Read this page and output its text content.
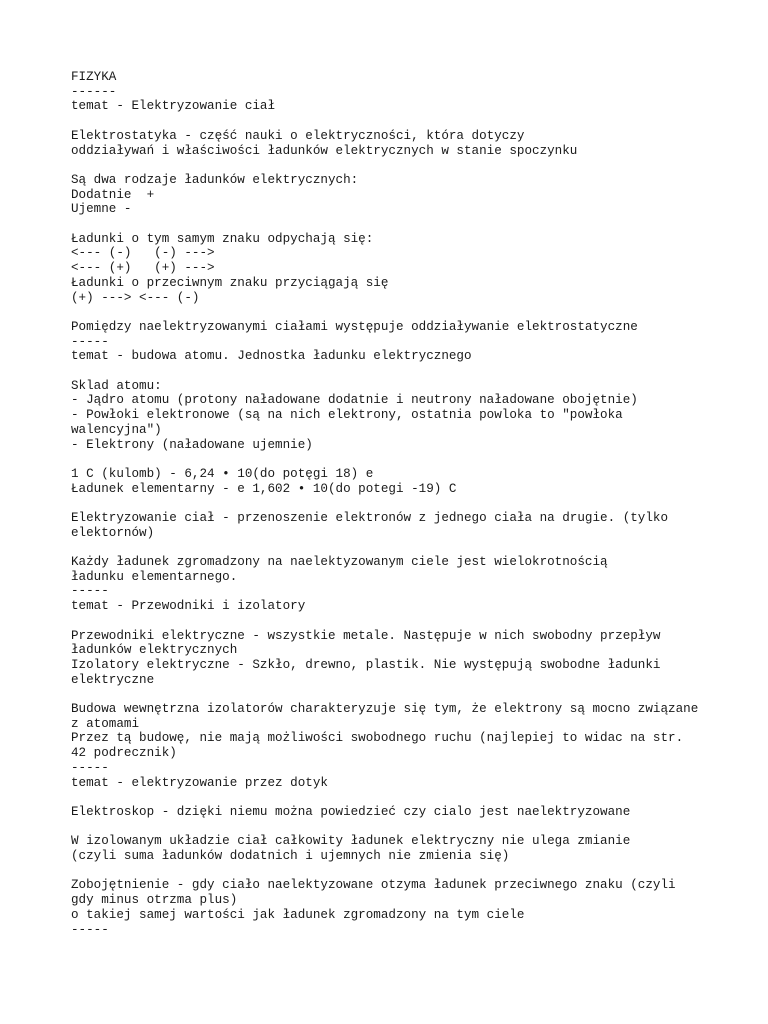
FIZYKA
------
temat - Elektryzowanie ciał
Elektrostatyka - część nauki o elektryczności, która dotyczy
oddziaływań i właściwości ładunków elektrycznych w stanie spoczynku
Są dwa rodzaje ładunków elektrycznych:
Dodatnie  +
Ujemne -
Ładunki o tym samym znaku odpychają się:
<--- (-)   (-) --->
<--- (+)   (+) --->
Ładunki o przeciwnym znaku przyciągają się
(+) ---> <--- (-)
Pomiędzy naelektryzowanymi ciałami występuje oddziaływanie elektrostatyczne
-----
temat - budowa atomu. Jednostka ładunku elektrycznego
Sklad atomu:
- Jądro atomu (protony naładowane dodatnie i neutrony naładowane obojętnie)
- Powłoki elektronowe (są na nich elektrony, ostatnia powloka to "powłoka
walencyjna")
- Elektrony (naładowane ujemnie)
1 C (kulomb) - 6,24 • 10(do potęgi 18) e
Ładunek elementarny - e 1,602 • 10(do potegi -19) C
Elektryzowanie ciał - przenoszenie elektronów z jednego ciała na drugie. (tylko
elektornów)
Każdy ładunek zgromadzony na naelektyzowanym ciele jest wielokrotnością
ładunku elementarnego.
-----
temat - Przewodniki i izolatory
Przewodniki elektryczne - wszystkie metale. Następuje w nich swobodny przepływ
ładunków elektrycznych
Izolatory elektryczne - Szkło, drewno, plastik. Nie występują swobodne ładunki
elektryczne
Budowa wewnętrzna izolatorów charakteryzuje się tym, że elektrony są mocno związane
z atomami
Przez tą budowę, nie mają możliwości swobodnego ruchu (najlepiej to widac na str.
42 podrecznik)
-----
temat - elektryzowanie przez dotyk
Elektroskop - dzięki niemu można powiedzieć czy cialo jest naelektryzowane
W izolowanym układzie ciał całkowity ładunek elektryczny nie ulega zmianie
(czyli suma ładunków dodatnich i ujemnych nie zmienia się)
Zobojętnienie - gdy ciało naelektyzowane otzyma ładunek przeciwnego znaku (czyli
gdy minus otrzma plus)
o takiej samej wartości jak ładunek zgromadzony na tym ciele
-----
